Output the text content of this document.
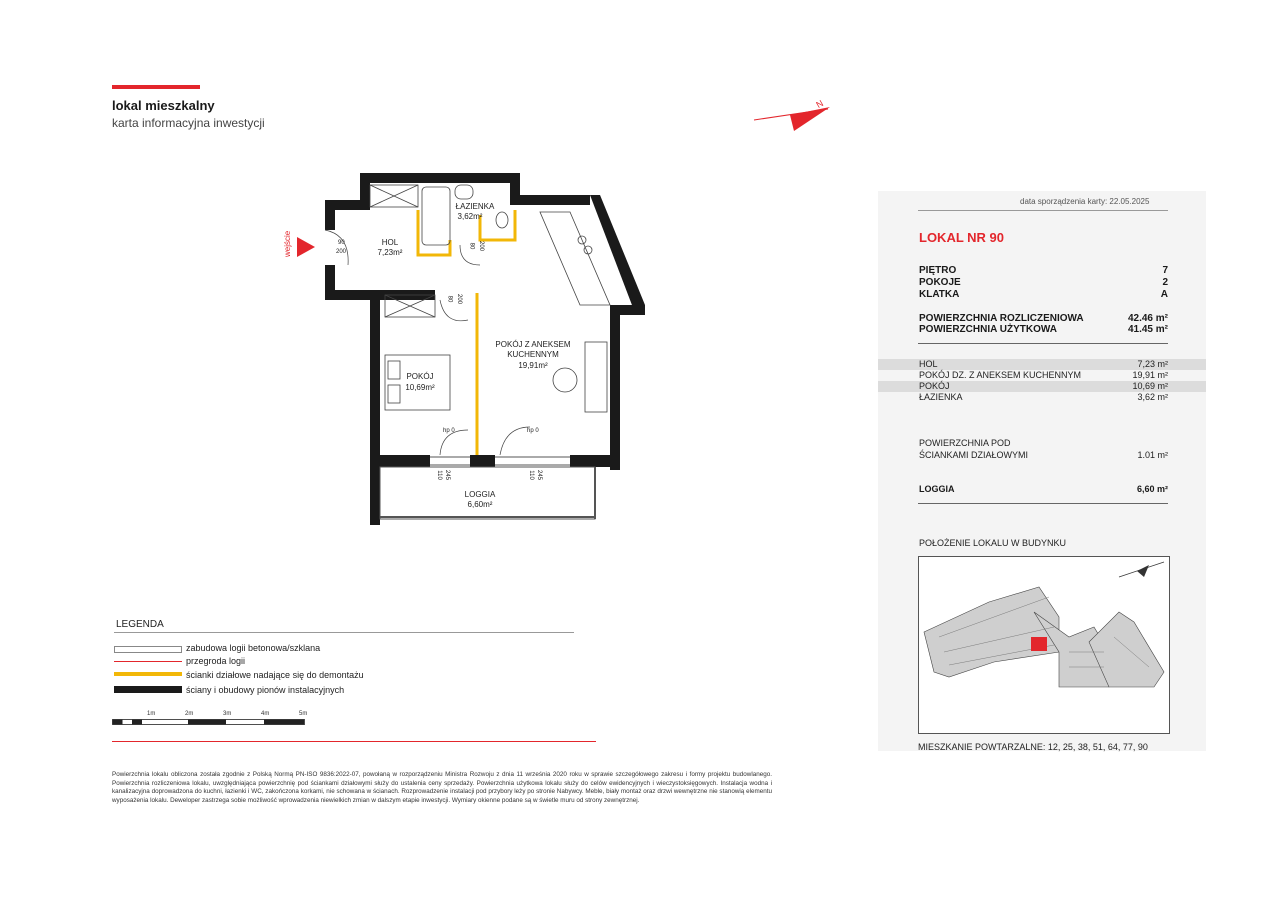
lokal mieszkalny
karta informacyjna inwestycji
N
wejście
ŁAZIENKA
3,62m²
HOL
7,23m²
POKÓJ
10,69m²
POKÓJ Z ANEKSEM
KUCHENNYM
19,91m²
LOGGIA
6,60m²
90
200
80 200
80 200
110 245	110 245
hp 0	hp 0
data sporządzenia karty: 22.05.2025
LOKAL NR 90
PIĘTRO	7
POKOJE	2
KLATKA	A
POWIERZCHNIA ROZLICZENIOWA	42.46 m²
POWIERZCHNIA UŻYTKOWA	41.45 m²
HOL	7,23 m²
POKÓJ DZ. Z ANEKSEM KUCHENNYM	19,91 m²
POKÓJ	10,69 m²
ŁAZIENKA	3,62 m²
POWIERZCHNIA POD
ŚCIANKAMI DZIAŁOWYMI	1.01 m²
LOGGIA	6,60 m²
POŁOŻENIE LOKALU W BUDYNKU
MIESZKANIE POWTARZALNE: 12, 25, 38, 51, 64, 77, 90
LEGENDA
zabudowa logii betonowa/szklana
przegroda logii
ścianki działowe nadające się do demontażu
ściany i obudowy pionów instalacyjnych
1m	2m	3m	4m	5m
Powierzchnia lokalu obliczona została zgodnie z Polską Normą PN-ISO 9836:2022-07, powołaną w rozporządzeniu Ministra Rozwoju z dnia 11 września 2020 roku w sprawie szczegółowego zakresu i formy projektu budowlanego. Powierzchnia rozliczeniowa lokalu, uwzględniająca powierzchnię pod ściankami działowymi służy do ustalenia ceny sprzedaży. Powierzchnia użytkowa lokalu służy do celów ewidencyjnych i wieczystoksięgowych. Instalacja wodna i kanalizacyjna doprowadzona do kuchni, łazienki i WC, zakończona korkami, nie schowana w ścianach. Rozprowadzenie instalacji pod przybory leży po stronie Nabywcy. Meble, biały montaż oraz drzwi wewnętrzne nie stanowią elementu wyposażenia lokalu. Deweloper zastrzega sobie możliwość wprowadzenia niewielkich zmian w dalszym etapie inwestycji. Wymiary okienne podane są w świetle muru od strony zewnętrznej.
